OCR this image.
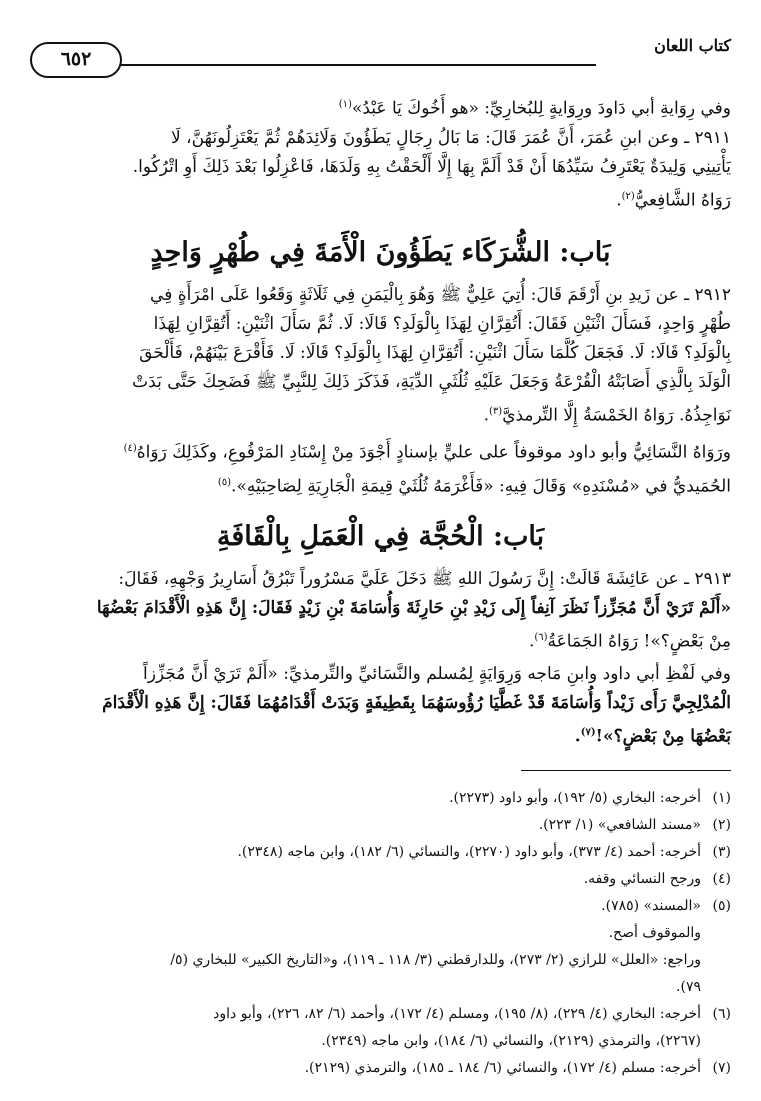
كتاب اللعان
٦٥٢

وفي رِوَايةِ أبي دَاودَ ورِوَايةٍ لِلبُخارِيِّ: «هو أَخُوكَ يَا عَبْدُ»$^{(١)}$

٢٩١١ ـ وعن ابنِ عُمَرَ، أَنَّ عُمَرَ قَالَ: مَا بَالُ رِجَالٍ يَطَؤُونَ وَلَائِدَهُمْ ثُمَّ يَعْتَزِلُونَهُنَّ، لَا

يَأْتِينِي وَلِيدَةٌ يَعْتَرِفُ سَيِّدُهَا أَنْ قَدْ أَلَمَّ بِهَا إِلَّا أَلْحَقْتُ بِهِ وَلَدَهَا، فَاعْزِلُوا بَعْدَ ذَلِكَ أَوِ اتْرُكُوا.

رَوَاهُ الشَّافِعيُّ$^{(٢)}$.

بَاب: الشُّرَكَاء يَطَؤُونَ الْأَمَةَ فِي طُهْرٍ وَاحِدٍ

٢٩١٢ ـ عن زَيدِ بنِ أَرْقَمَ قَالَ: أُتِيَ عَلِيٌّ ﷺ وَهُوَ بِالْيَمَنِ فِي ثَلَاثَةٍ وَقَعُوا عَلَى امْرَأَةٍ فِي

طُهْرٍ وَاحِدٍ، فَسَأَلَ اثْنَيْنِ فَقَالَ: أَتُقِرَّانِ لِهَذَا بِالْوَلَدِ؟ قَالَا: لَا. ثُمَّ سَأَلَ اثْنَيْنِ: أَتُقِرَّانِ لِهَذَا

بِالْوَلَدِ؟ قَالَا: لَا. فَجَعَلَ كُلَّمَا سَأَلَ اثْنَيْنِ: أَتُقِرَّانِ لِهَذَا بِالْوَلَدِ؟ قَالَا: لَا. فَأَقْرَعَ بَيْنَهُمْ، فَأَلْحَقَ

الْوَلَدَ بِالَّذِي أَصَابَتْهُ الْقُرْعَةُ وَجَعَلَ عَلَيْهِ ثُلُثَيِ الدِّيَةِ، فَذَكَرَ ذَلِكَ لِلنَّبِيِّ ﷺ فَضَحِكَ حَتَّى بَدَتْ

نَوَاجِذُهُ. رَوَاهُ الخَمْسَةُ إِلَّا التِّرمذيَّ$^{(٣)}$.

ورَوَاهُ النَّسَائِيُّ وأبو داود موقوفاً على عليٍّ بإسنادٍ أَجْوَدَ مِنْ إِسْنَادِ المَرْفُوعِ، وكَذَلِكَ رَوَاهُ$^{(٤)}$

الحُمَيديُّ في «مُسْنَدِهِ» وَقَالَ فِيهِ: «فَأَغْرَمَهُ ثُلُثَيْ قِيمَةِ الْجَارِيَةِ لِصَاحِبَيْهِ».$^{(٥)}$

بَاب: الْحُجَّة فِي الْعَمَلِ بِالْقَافَةِ

٢٩١٣ ـ عن عَائِشَةَ قَالَتْ: إِنَّ رَسُولَ اللهِ ﷺ دَخَلَ عَلَيَّ مَسْرُوراً تَبْرُقُ أَسَارِيرُ وَجْهِهِ، فَقَالَ:

«أَلَمْ تَرَيْ أَنَّ مُجَزِّزاً نَظَرَ آنِفاً إِلَى زَيْدِ بْنِ حَارِثَةَ وَأُسَامَةَ بْنِ زَيْدٍ فَقَالَ: إِنَّ هَذِهِ الْأَقْدَامَ بَعْضُهَا

مِنْ بَعْضٍ؟»! رَوَاهُ الجَمَاعَةُ$^{(٦)}$.

وفي لَفْظِ أبي داود وابنِ مَاجه وَرِوَايَةٍ لِمُسلم والنَّسَائيِّ والتِّرمذيِّ: «أَلَمْ تَرَيْ أَنَّ مُجَزِّزاً

الْمُدْلِجِيَّ رَأَى زَيْداً وَأُسَامَةَ قَدْ غَطَّيَا رُؤُوسَهُمَا بِقَطِيفَةٍ وَبَدَتْ أَقْدَامُهُمَا فَقَالَ: إِنَّ هَذِهِ الْأَقْدَامَ

بَعْضُهَا مِنْ بَعْضٍ؟»!$^{(٧)}$.

(١)
أخرجه: البخاري (٥/ ١٩٢)، وأبو داود (٢٢٧٣).
(٢)
«مسند الشافعي» (١/ ٢٢٣).
(٣)
أخرجه: أحمد (٤/ ٣٧٣)، وأبو داود (٢٢٧٠)، والنسائي (٦/ ١٨٢)، وابن ماجه (٢٣٤٨).
(٤)
ورجح النسائي وقفه.
(٥)
«المسند» (٧٨٥).
والموقوف أصح.
وراجع: «العلل» للرازي (٢/ ٢٧٣)، وللدارقطني (٣/ ١١٨ ـ ١١٩)، و«التاريخ الكبير» للبخاري (٥/
٧٩).
(٦)
أخرجه: البخاري (٤/ ٢٢٩)، (٨/ ١٩٥)، ومسلم (٤/ ١٧٢)، وأحمد (٦/ ٨٢، ٢٢٦)، وأبو داود
(٢٢٦٧)، والترمذي (٢١٢٩)، والنسائي (٦/ ١٨٤)، وابن ماجه (٢٣٤٩).
(٧)
أخرجه: مسلم (٤/ ١٧٢)، والنسائي (٦/ ١٨٤ ـ ١٨٥)، والترمذي (٢١٢٩).
